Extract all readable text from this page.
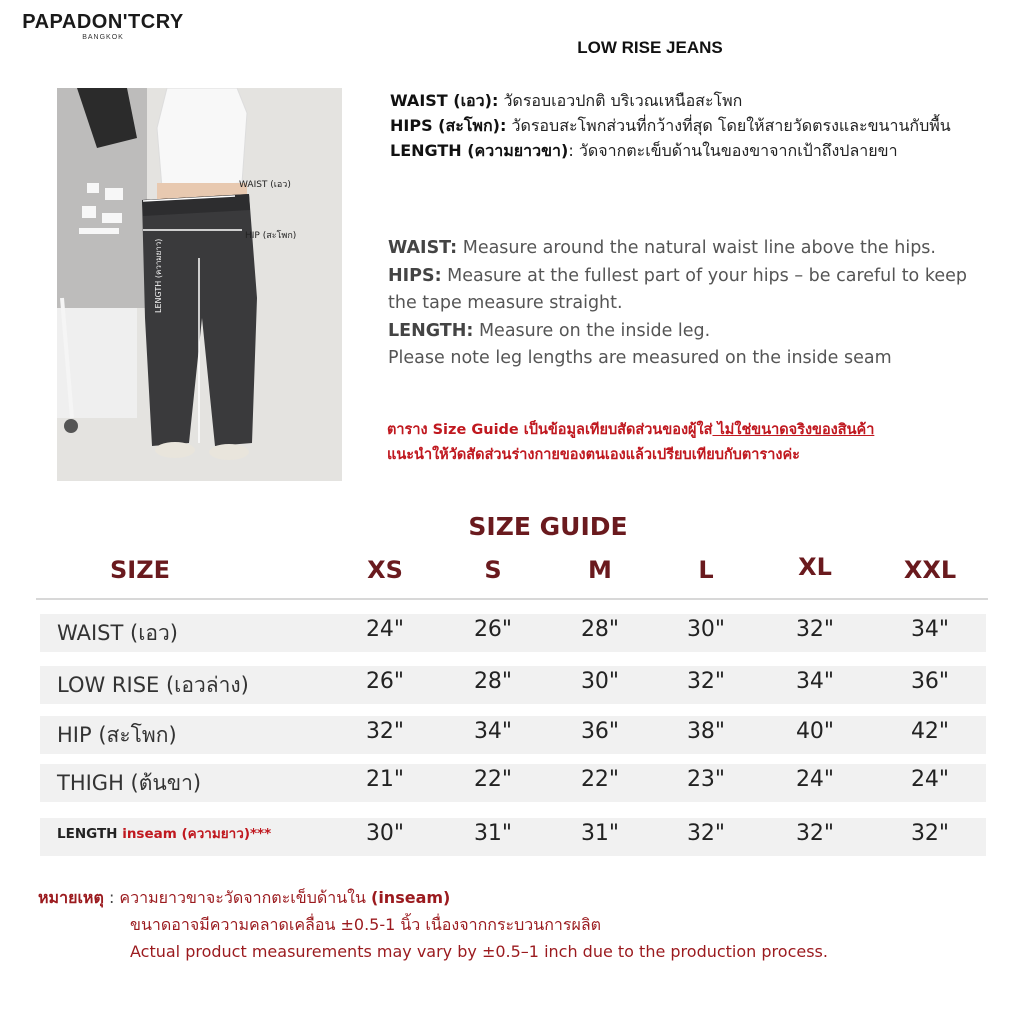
PAPADON'TCRY
BANGKOK
LOW RISE JEANS
WAIST (เอว)
HIP (สะโพก)
LENGTH (ความยาว)
WAIST (เอว): วัดรอบเอวปกติ บริเวณเหนือสะโพก
HIPS (สะโพก): วัดรอบสะโพกส่วนที่กว้างที่สุด โดยให้สายวัดตรงและขนานกับพื้น
LENGTH (ความยาวขา): วัดจากตะเข็บด้านในของขาจากเป้าถึงปลายขา
WAIST: Measure around the natural waist line above the hips.
HIPS: Measure at the fullest part of your hips – be careful to keep the tape measure straight.
LENGTH: Measure on the inside leg.
Please note leg lengths are measured on the inside seam
ตาราง Size Guide เป็นข้อมูลเทียบสัดส่วนของผู้ใส่ ไม่ใช่ขนาดจริงของสินค้า
แนะนำให้วัดสัดส่วนร่างกายของตนเองแล้วเปรียบเทียบกับตารางค่ะ
SIZE GUIDE
SIZE	XS	S	M	L	XL	XXL
WAIST (เอว)	24"	26"	28"	30"	32"	34"
LOW RISE (เอวล่าง)	26"	28"	30"	32"	34"	36"
HIP (สะโพก)	32"	34"	36"	38"	40"	42"
THIGH (ต้นขา)	21"	22"	22"	23"	24"	24"
LENGTH inseam (ความยาว)***	30"	31"	31"	32"	32"	32"
หมายเหตุ : ความยาวขาจะวัดจากตะเข็บด้านใน (inseam)
ขนาดอาจมีความคลาดเคลื่อน ±0.5-1 นิ้ว เนื่องจากกระบวนการผลิต
Actual product measurements may vary by ±0.5–1 inch due to the production process.
